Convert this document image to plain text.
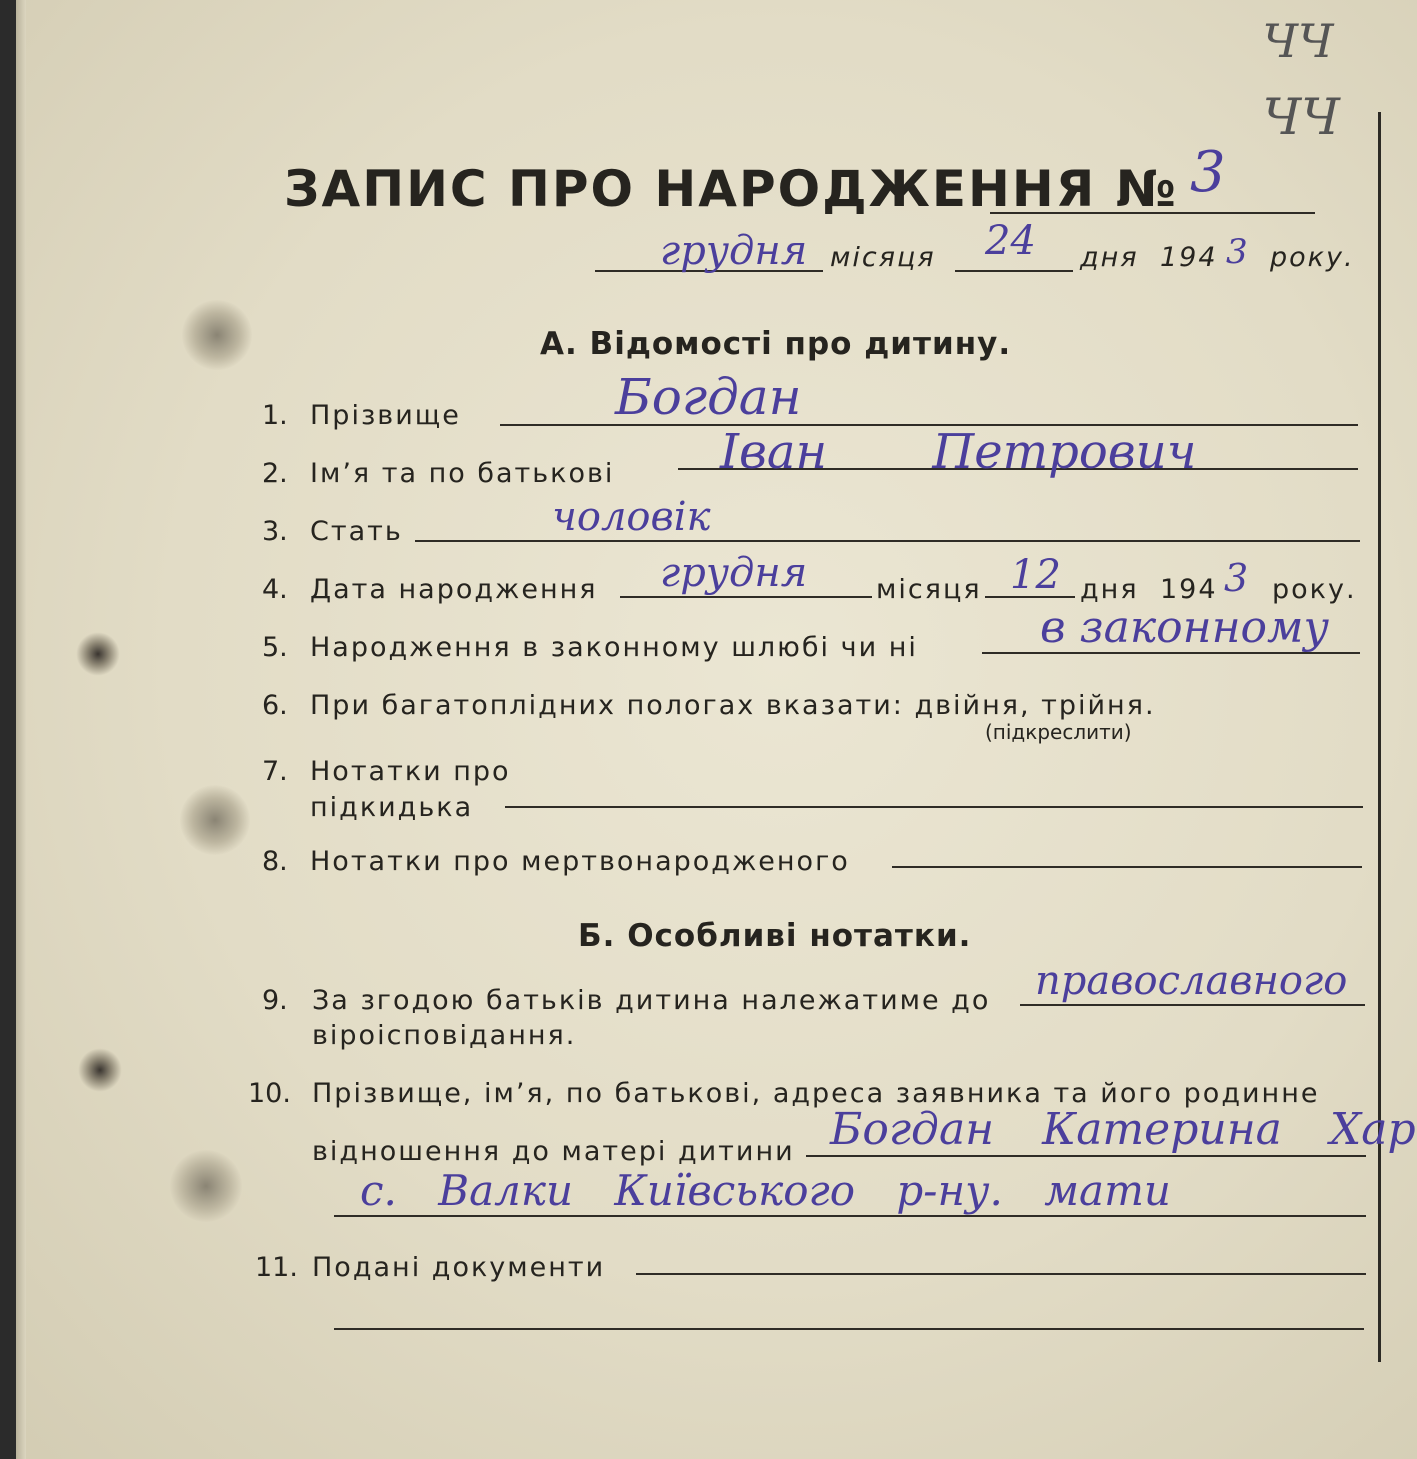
ЧЧ
ЧЧ
ЗАПИС ПРО НАРОДЖЕННЯ № 3
грудня місяця 24 дня 194 3 року.
А. Відомості про дитину.
1. Прізвище	Богдан
2. Ім’я та по батькові Іван Петрович
3. Стать	чоловік
4. Дата народження грудня	місяця 12 дня 194 3 року.
5. Народження в законному шлюбі чи ні	в законному
6. При багатоплідних пологах вказати: двійня, трійня.
(підкреслити)
7. Нотатки про
підкидька
8. Нотатки про мертвонародженого
Б. Особливі нотатки.
9. За згодою батьків дитина належатиме до
віроісповідання.
православного
10. Прізвище, ім’я, по батькові, адреса заявника та його родинне
відношення до матері дитини Богдан Катерина Хар
с. Валки Київського р-ну. мати
11. Подані документи
